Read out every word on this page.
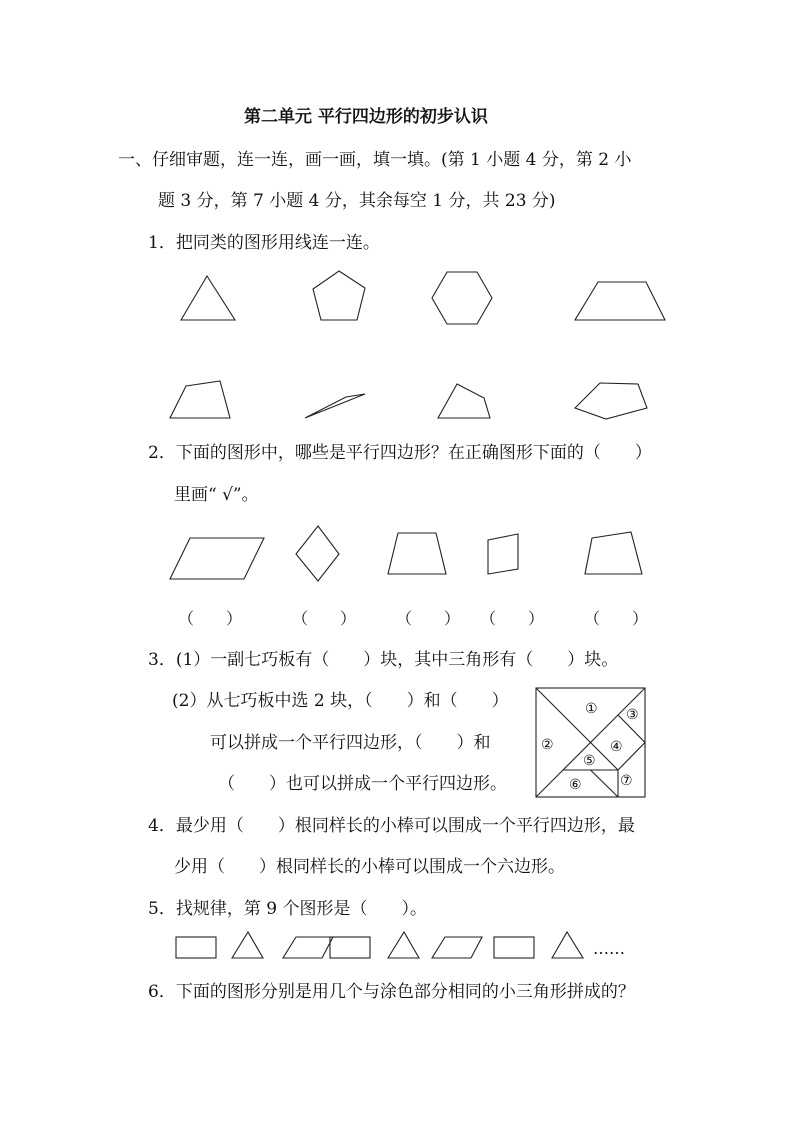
第二单元 平行四边形的初步认识
一、仔细审题，连一连，画一画，填一填。(第 1 小题 4 分，第 2 小
题 3 分，第 7 小题 4 分，其余每空 1 分，共 23 分)
1．把同类的图形用线连一连。
2．下面的图形中，哪些是平行四边形？在正确图形下面的（　　）
里画“ √”。
（　　）	（　　） （　　） （　　） （　　）
3．(1）一副七巧板有（　　）块，其中三角形有（　　）块。
(2）从七巧板中选 2 块，（　　）和（　　）
可以拼成一个平行四边形，（　　）和
（　　）也可以拼成一个平行四边形。
①
②
③
④
⑤
⑥	⑦
4．最少用（　　）根同样长的小棒可以围成一个平行四边形，最
少用（　　）根同样长的小棒可以围成一个六边形。
5．找规律，第 9 个图形是（　　）。
……
6．下面的图形分别是用几个与涂色部分相同的小三角形拼成的？
